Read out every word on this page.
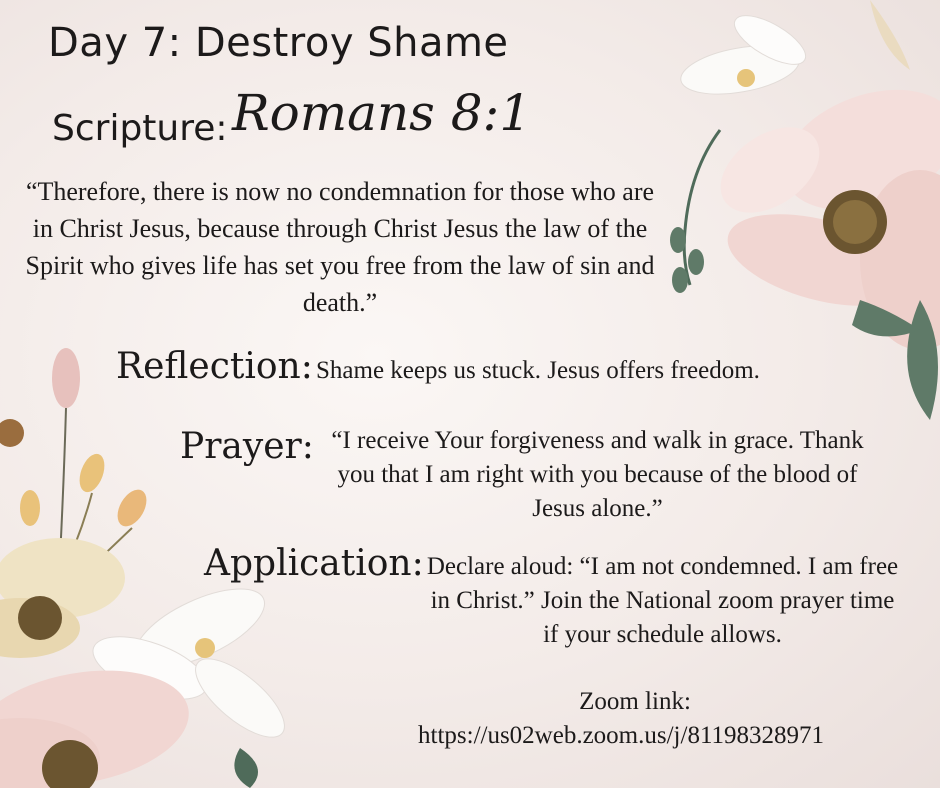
Day 7: Destroy Shame
Scripture: Romans 8:1
“Therefore, there is now no condemnation for those who are in Christ Jesus, because through Christ Jesus the law of the Spirit who gives life has set you free from the law of sin and death.”
Reflection: Shame keeps us stuck. Jesus offers freedom.
Prayer: “I receive Your forgiveness and walk in grace. Thank you that I am right with you because of the blood of Jesus alone.”
Application: Declare aloud: “I am not condemned. I am free in Christ.” Join the National zoom prayer time if your schedule allows.
Zoom link:
https://us02web.zoom.us/j/81198328971
